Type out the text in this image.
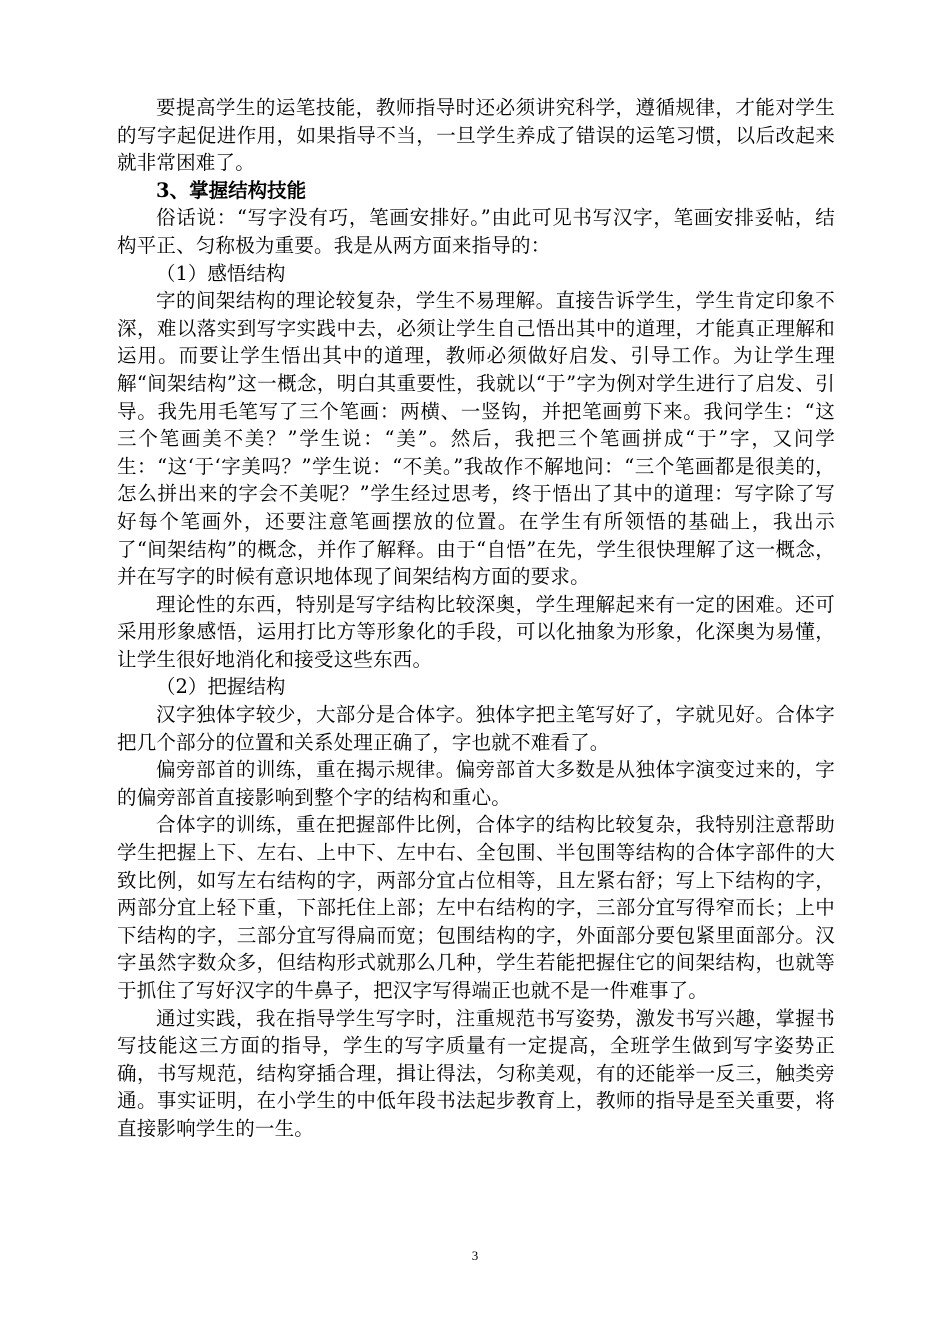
要提高学生的运笔技能，教师指导时还必须讲究科学，遵循规律，才能对学生的写字起促进作用，如果指导不当，一旦学生养成了错误的运笔习惯，以后改起来就非常困难了。

3、掌握结构技能

俗话说：“写字没有巧，笔画安排好。”由此可见书写汉字，笔画安排妥帖，结构平正、匀称极为重要。我是从两方面来指导的：

（1）感悟结构

字的间架结构的理论较复杂，学生不易理解。直接告诉学生，学生肯定印象不深，难以落实到写字实践中去，必须让学生自己悟出其中的道理，才能真正理解和运用。而要让学生悟出其中的道理，教师必须做好启发、引导工作。为让学生理解“间架结构”这一概念，明白其重要性，我就以“于”字为例对学生进行了启发、引导。我先用毛笔写了三个笔画：两横、一竖钩，并把笔画剪下来。我问学生：“这三个笔画美不美？”学生说：“美”。然后，我把三个笔画拼成“于”字，又问学生：“这‘于‘字美吗？”学生说：“不美。”我故作不解地问：“三个笔画都是很美的，怎么拼出来的字会不美呢？”学生经过思考，终于悟出了其中的道理：写字除了写好每个笔画外，还要注意笔画摆放的位置。在学生有所领悟的基础上，我出示了“间架结构”的概念，并作了解释。由于“自悟”在先，学生很快理解了这一概念，并在写字的时候有意识地体现了间架结构方面的要求。

理论性的东西，特别是写字结构比较深奥，学生理解起来有一定的困难。还可采用形象感悟，运用打比方等形象化的手段，可以化抽象为形象，化深奥为易懂，让学生很好地消化和接受这些东西。

（2）把握结构

汉字独体字较少，大部分是合体字。独体字把主笔写好了，字就见好。合体字把几个部分的位置和关系处理正确了，字也就不难看了。

偏旁部首的训练，重在揭示规律。偏旁部首大多数是从独体字演变过来的，字的偏旁部首直接影响到整个字的结构和重心。

合体字的训练，重在把握部件比例，合体字的结构比较复杂，我特别注意帮助学生把握上下、左右、上中下、左中右、全包围、半包围等结构的合体字部件的大致比例，如写左右结构的字，两部分宜占位相等，且左紧右舒；写上下结构的字，两部分宜上轻下重，下部托住上部；左中右结构的字，三部分宜写得窄而长；上中下结构的字，三部分宜写得扁而宽；包围结构的字，外面部分要包紧里面部分。汉字虽然字数众多，但结构形式就那么几种，学生若能把握住它的间架结构，也就等于抓住了写好汉字的牛鼻子，把汉字写得端正也就不是一件难事了。

通过实践，我在指导学生写字时，注重规范书写姿势，激发书写兴趣，掌握书写技能这三方面的指导，学生的写字质量有一定提高，全班学生做到写字姿势正确，书写规范，结构穿插合理，揖让得法，匀称美观，有的还能举一反三，触类旁通。事实证明，在小学生的中低年段书法起步教育上，教师的指导是至关重要，将直接影响学生的一生。

3
